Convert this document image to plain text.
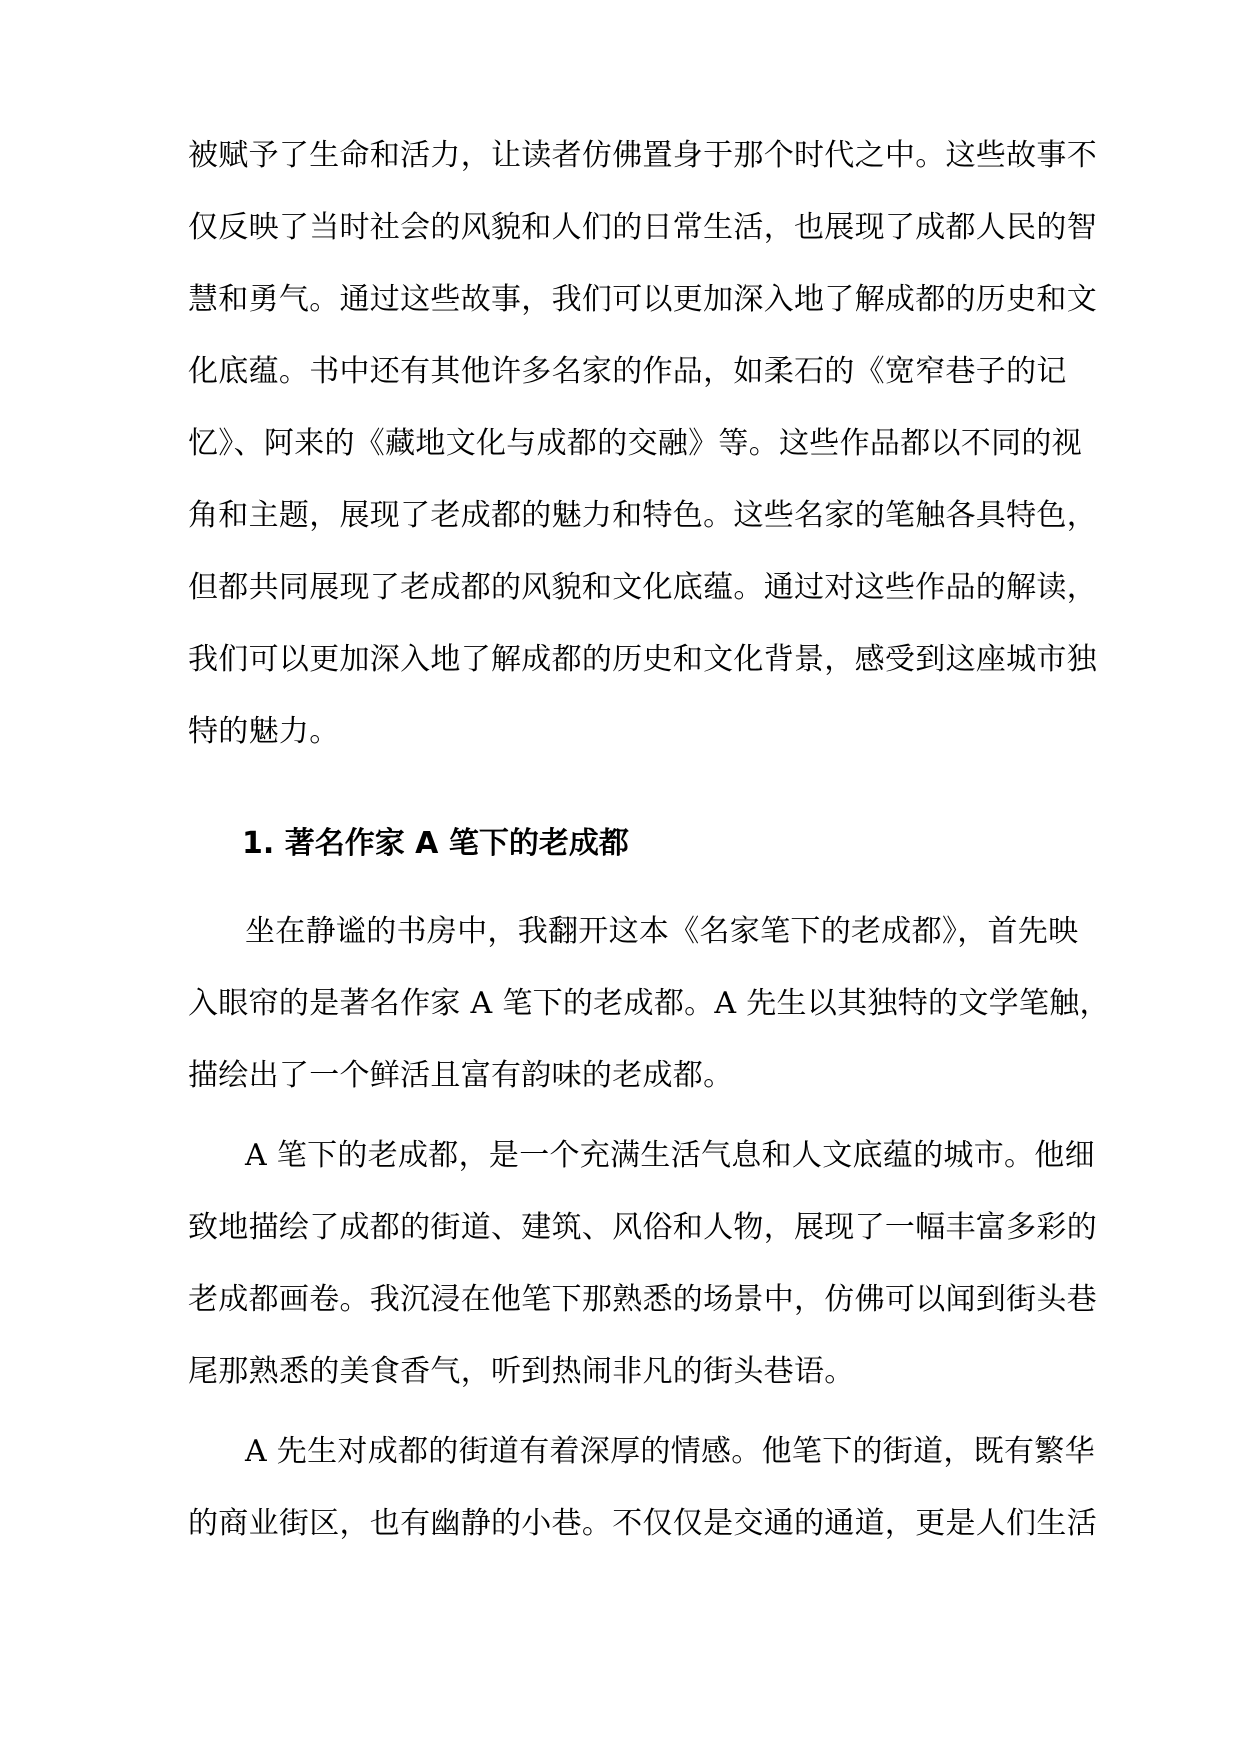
被赋予了生命和活力，让读者仿佛置身于那个时代之中。这些故事不
仅反映了当时社会的风貌和人们的日常生活，也展现了成都人民的智
慧和勇气。通过这些故事，我们可以更加深入地了解成都的历史和文
化底蕴。书中还有其他许多名家的作品，如柔石的《宽窄巷子的记
忆》、阿来的《藏地文化与成都的交融》等。这些作品都以不同的视
角和主题，展现了老成都的魅力和特色。这些名家的笔触各具特色，
但都共同展现了老成都的风貌和文化底蕴。通过对这些作品的解读，
我们可以更加深入地了解成都的历史和文化背景，感受到这座城市独
特的魅力。
1. 著名作家 A 笔下的老成都
坐在静谧的书房中，我翻开这本《名家笔下的老成都》，首先映
入眼帘的是著名作家 A 笔下的老成都。A 先生以其独特的文学笔触，
描绘出了一个鲜活且富有韵味的老成都。
A 笔下的老成都，是一个充满生活气息和人文底蕴的城市。他细
致地描绘了成都的街道、建筑、风俗和人物，展现了一幅丰富多彩的
老成都画卷。我沉浸在他笔下那熟悉的场景中，仿佛可以闻到街头巷
尾那熟悉的美食香气，听到热闹非凡的街头巷语。
A 先生对成都的街道有着深厚的情感。他笔下的街道，既有繁华
的商业街区，也有幽静的小巷。不仅仅是交通的通道，更是人们生活
